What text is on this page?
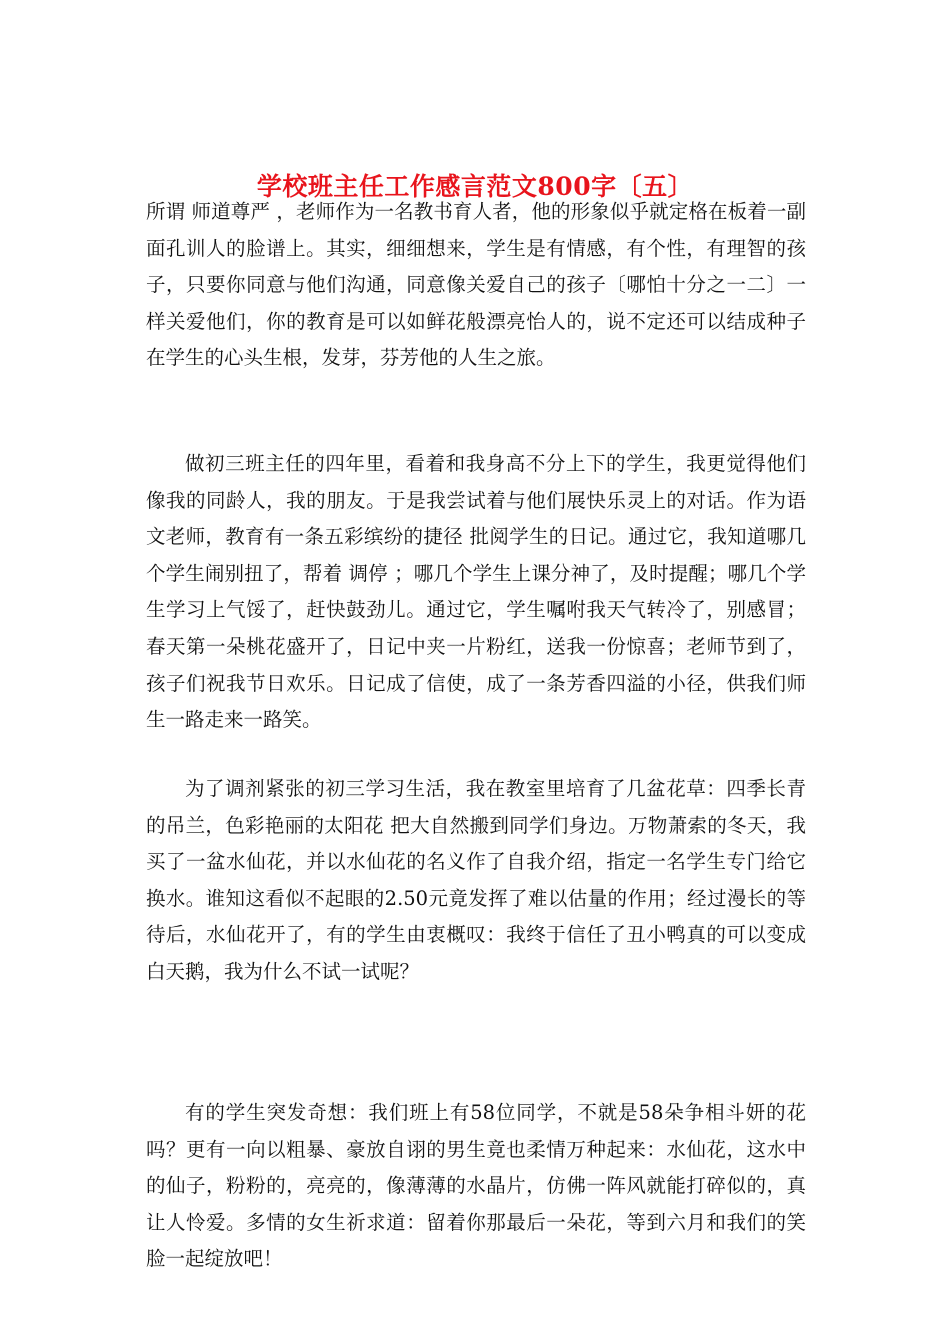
学校班主任工作感言范文800字〔五〕

所谓 师道尊严 ，老师作为一名教书育人者，他的形象似乎就定格在板着一副面孔训人的脸谱上。其实，细细想来，学生是有情感，有个性，有理智的孩子，只要你同意与他们沟通，同意像关爱自己的孩子〔哪怕十分之一二〕一样关爱他们，你的教育是可以如鲜花般漂亮怡人的，说不定还可以结成种子在学生的心头生根，发芽，芬芳他的人生之旅。

做初三班主任的四年里，看着和我身高不分上下的学生，我更觉得他们像我的同龄人，我的朋友。于是我尝试着与他们展快乐灵上的对话。作为语文老师，教育有一条五彩缤纷的捷径 批阅学生的日记。通过它，我知道哪几个学生闹别扭了，帮着 调停 ；哪几个学生上课分神了，及时提醒；哪几个学生学习上气馁了，赶快鼓劲儿。通过它，学生嘱咐我天气转冷了，别感冒；春天第一朵桃花盛开了，日记中夹一片粉红，送我一份惊喜；老师节到了，孩子们祝我节日欢乐。日记成了信使，成了一条芳香四溢的小径，供我们师生一路走来一路笑。

为了调剂紧张的初三学习生活，我在教室里培育了几盆花草：四季长青的吊兰，色彩艳丽的太阳花 把大自然搬到同学们身边。万物萧索的冬天，我买了一盆水仙花，并以水仙花的名义作了自我介绍，指定一名学生专门给它换水。谁知这看似不起眼的2.50元竟发挥了难以估量的作用；经过漫长的等待后，水仙花开了，有的学生由衷概叹：我终于信任了丑小鸭真的可以变成白天鹅，我为什么不试一试呢？

有的学生突发奇想：我们班上有58位同学，不就是58朵争相斗妍的花吗？更有一向以粗暴、豪放自诩的男生竟也柔情万种起来：水仙花，这水中的仙子，粉粉的，亮亮的，像薄薄的水晶片，仿佛一阵风就能打碎似的，真让人怜爱。多情的女生祈求道：留着你那最后一朵花，等到六月和我们的笑脸一起绽放吧！
